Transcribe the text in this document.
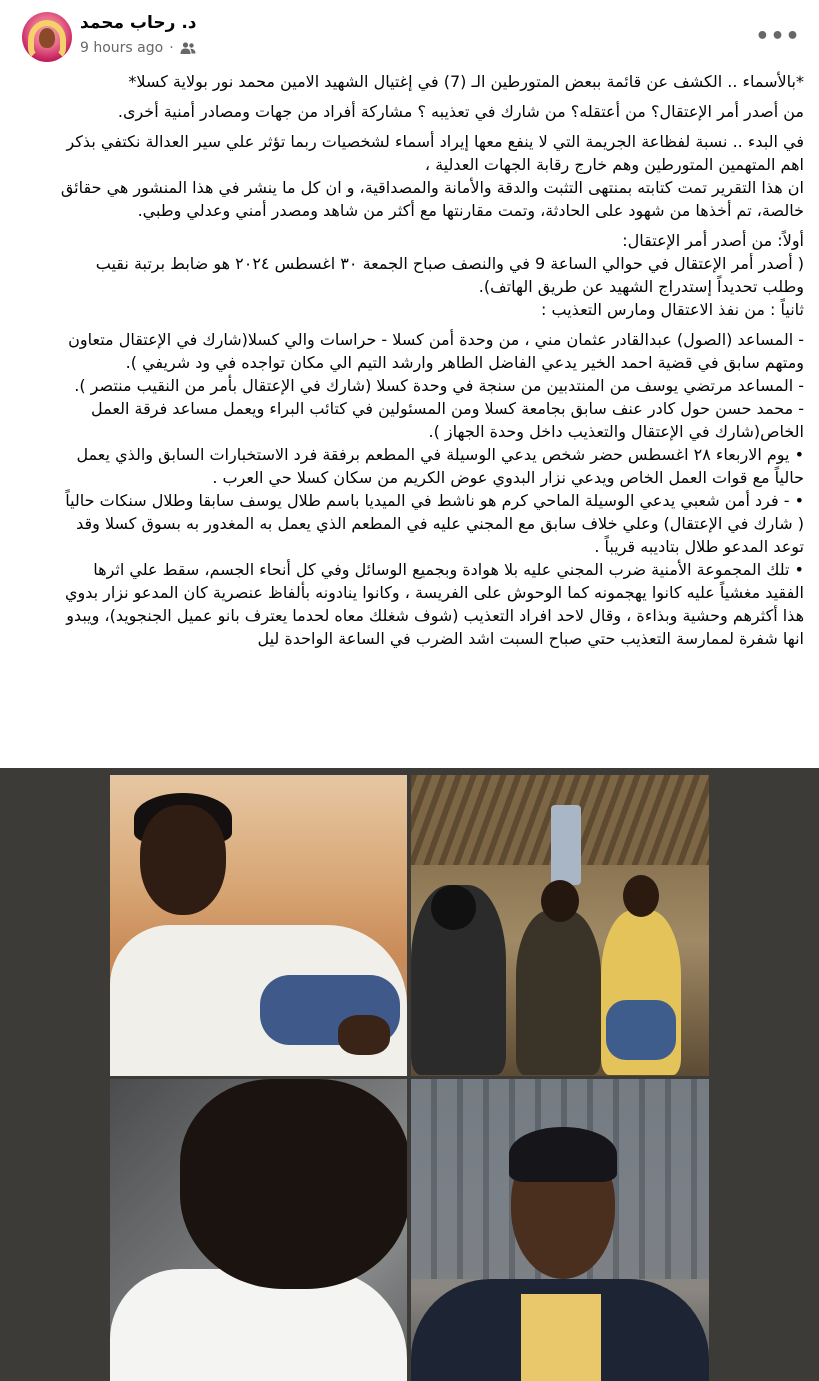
د. رحاب محمد
9 hours ago ·	•••

*بالأسماء .. الكشف عن قائمة ببعض المتورطين الـ (7) في إغتيال الشهيد الامين محمد نور بولاية كسلا*

من أصدر أمر الإعتقال؟ من أعتقله؟ من شارك في تعذيبه ؟ مشاركة أفراد من جهات ومصادر أمنية أخرى.

في البدء .. نسبة لفظاعة الجريمة التي لا ينفع معها إيراد أسماء لشخصيات ربما تؤثر علي سير العدالة نكتفي بذكر اهم المتهمين المتورطين وهم خارج رقابة الجهات العدلية ،
ان هذا التقرير تمت كتابته بمنتهى التثبت والدقة والأمانة والمصداقية، و ان كل ما ينشر في هذا المنشور هي حقائق خالصة، تم أخذها من شهود على الحادثة، وتمت مقارنتها مع أكثر من شاهد ومصدر أمني وعدلي وطبي.

أولاً: من أصدر أمر الإعتقال:
( أصدر أمر الإعتقال في حوالي الساعة 9 في والنصف صباح الجمعة ٣٠ اغسطس ٢٠٢٤ هو ضابط برتبة نقيب وطلب تحديداً إستدراج الشهيد عن طريق الهاتف).
ثانياً : من نفذ الاعتقال ومارس التعذيب :

- المساعد (الصول) عبدالقادر عثمان مني ، من وحدة أمن كسلا - حراسات والي كسلا(شارك في الإعتقال متعاون ومتهم سابق في قضية احمد الخير يدعي الفاضل الطاهر وارشد التيم الي مكان تواجده في ود شريفي ).
- المساعد مرتضي يوسف من المنتدبين من سنجة في وحدة كسلا (شارك في الإعتقال بأمر من النقيب منتصر ).
- محمد حسن حول كادر عنف سابق بجامعة كسلا ومن المسئولين في كتائب البراء ويعمل مساعد فرقة العمل الخاص(شارك في الإعتقال والتعذيب داخل وحدة الجهاز ).
• يوم الاربعاء ٢٨ اغسطس حضر شخص يدعي الوسيلة في المطعم برفقة فرد الاستخبارات السابق والذي يعمل حالياً مع قوات العمل الخاص ويدعي نزار البدوي عوض الكريم من سكان كسلا حي العرب .
• - فرد أمن شعبي يدعي الوسيلة الماحي كرم هو ناشط في الميديا باسم طلال يوسف سابقا وطلال سنكات حالياً ( شارك في الإعتقال) وعلي خلاف سابق مع المجني عليه في المطعم الذي يعمل به المغدور به بسوق كسلا وقد توعد المدعو طلال بتاديبه قريباً .
• تلك المجموعة الأمنية ضرب المجني عليه بلا هوادة وبجميع الوسائل وفي كل أنحاء الجسم، سقط علي اثرها الفقيد مغشياً عليه كانوا يهجمونه كما الوحوش على الفريسة ، وكانوا ينادونه بألفاظ عنصرية كان المدعو نزار بدوي هذا أكثرهم وحشية وبذاءة ، وقال لاحد افراد التعذيب (شوف شغلك معاه لحدما يعترف بانو عميل الجنجويد)، ويبدو انها شفرة لممارسة التعذيب حتي صباح السبت اشد الضرب في الساعة الواحدة ليل
